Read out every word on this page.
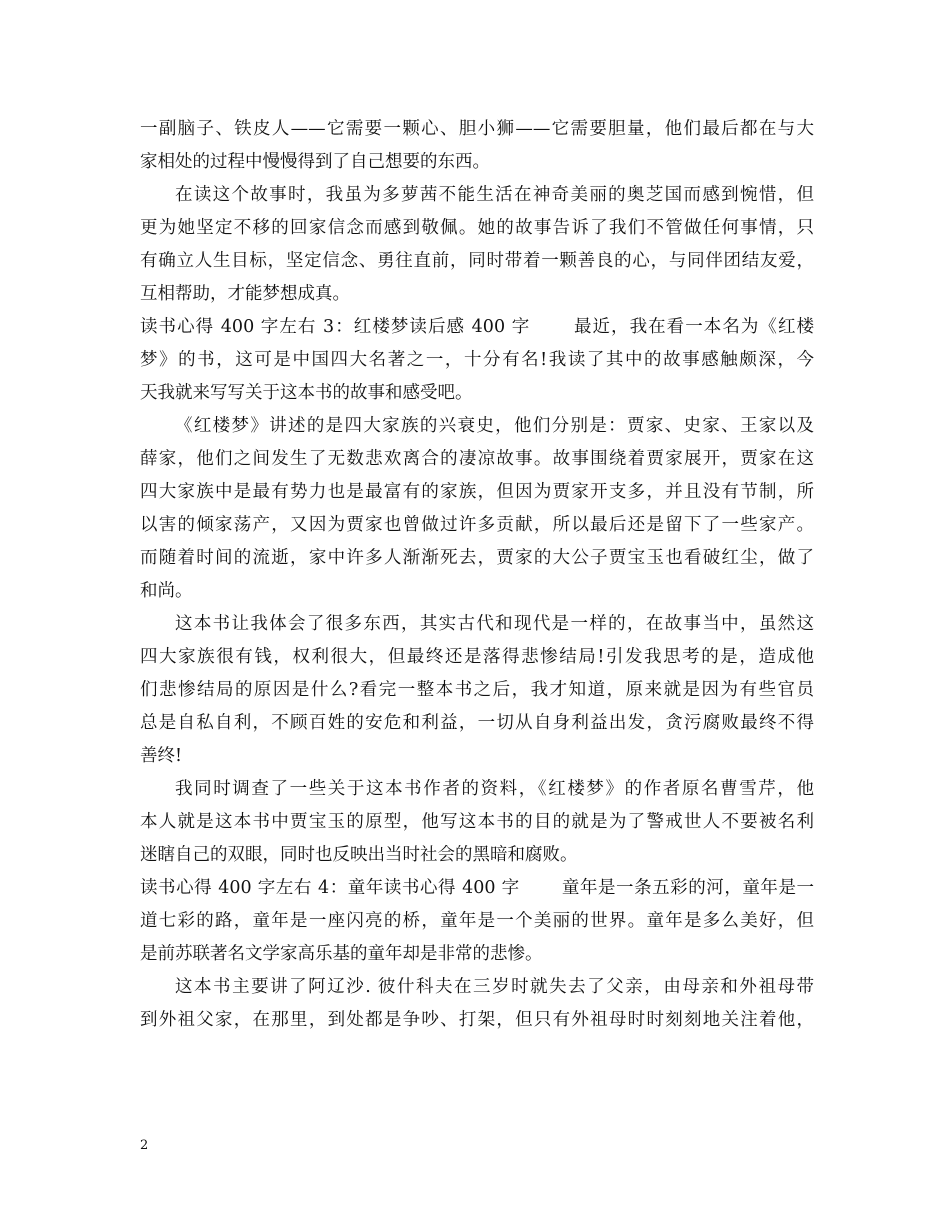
一副脑子、铁皮人——它需要一颗心、胆小狮——它需要胆量，他们最后都在与大
家相处的过程中慢慢得到了自己想要的东西。
在读这个故事时，我虽为多萝茜不能生活在神奇美丽的奥芝国而感到惋惜，但
更为她坚定不移的回家信念而感到敬佩。她的故事告诉了我们不管做任何事情，只
有确立人生目标，坚定信念、勇往直前，同时带着一颗善良的心，与同伴团结友爱，
互相帮助，才能梦想成真。
读书心得 400 字左右 3：红楼梦读后感 400 字　　 最近，我在看一本名为《红楼
梦》的书，这可是中国四大名著之一，十分有名!我读了其中的故事感触颇深，今
天我就来写写关于这本书的故事和感受吧。
《红楼梦》讲述的是四大家族的兴衰史，他们分别是：贾家、史家、王家以及
薛家，他们之间发生了无数悲欢离合的凄凉故事。故事围绕着贾家展开，贾家在这
四大家族中是最有势力也是最富有的家族，但因为贾家开支多，并且没有节制，所
以害的倾家荡产，又因为贾家也曾做过许多贡献，所以最后还是留下了一些家产。
而随着时间的流逝，家中许多人渐渐死去，贾家的大公子贾宝玉也看破红尘，做了
和尚。
这本书让我体会了很多东西，其实古代和现代是一样的，在故事当中，虽然这
四大家族很有钱，权利很大，但最终还是落得悲惨结局!引发我思考的是，造成他
们悲惨结局的原因是什么?看完一整本书之后，我才知道，原来就是因为有些官员
总是自私自利，不顾百姓的安危和利益，一切从自身利益出发，贪污腐败最终不得
善终!
我同时调查了一些关于这本书作者的资料，《红楼梦》的作者原名曹雪芹，他
本人就是这本书中贾宝玉的原型，他写这本书的目的就是为了警戒世人不要被名利
迷瞎自己的双眼，同时也反映出当时社会的黑暗和腐败。
读书心得 400 字左右 4：童年读书心得 400 字　　 童年是一条五彩的河，童年是一
道七彩的路，童年是一座闪亮的桥，童年是一个美丽的世界。童年是多么美好，但
是前苏联著名文学家高乐基的童年却是非常的悲惨。
这本书主要讲了阿辽沙. 彼什科夫在三岁时就失去了父亲，由母亲和外祖母带
到外祖父家，在那里，到处都是争吵、打架，但只有外祖母时时刻刻地关注着他，
2
